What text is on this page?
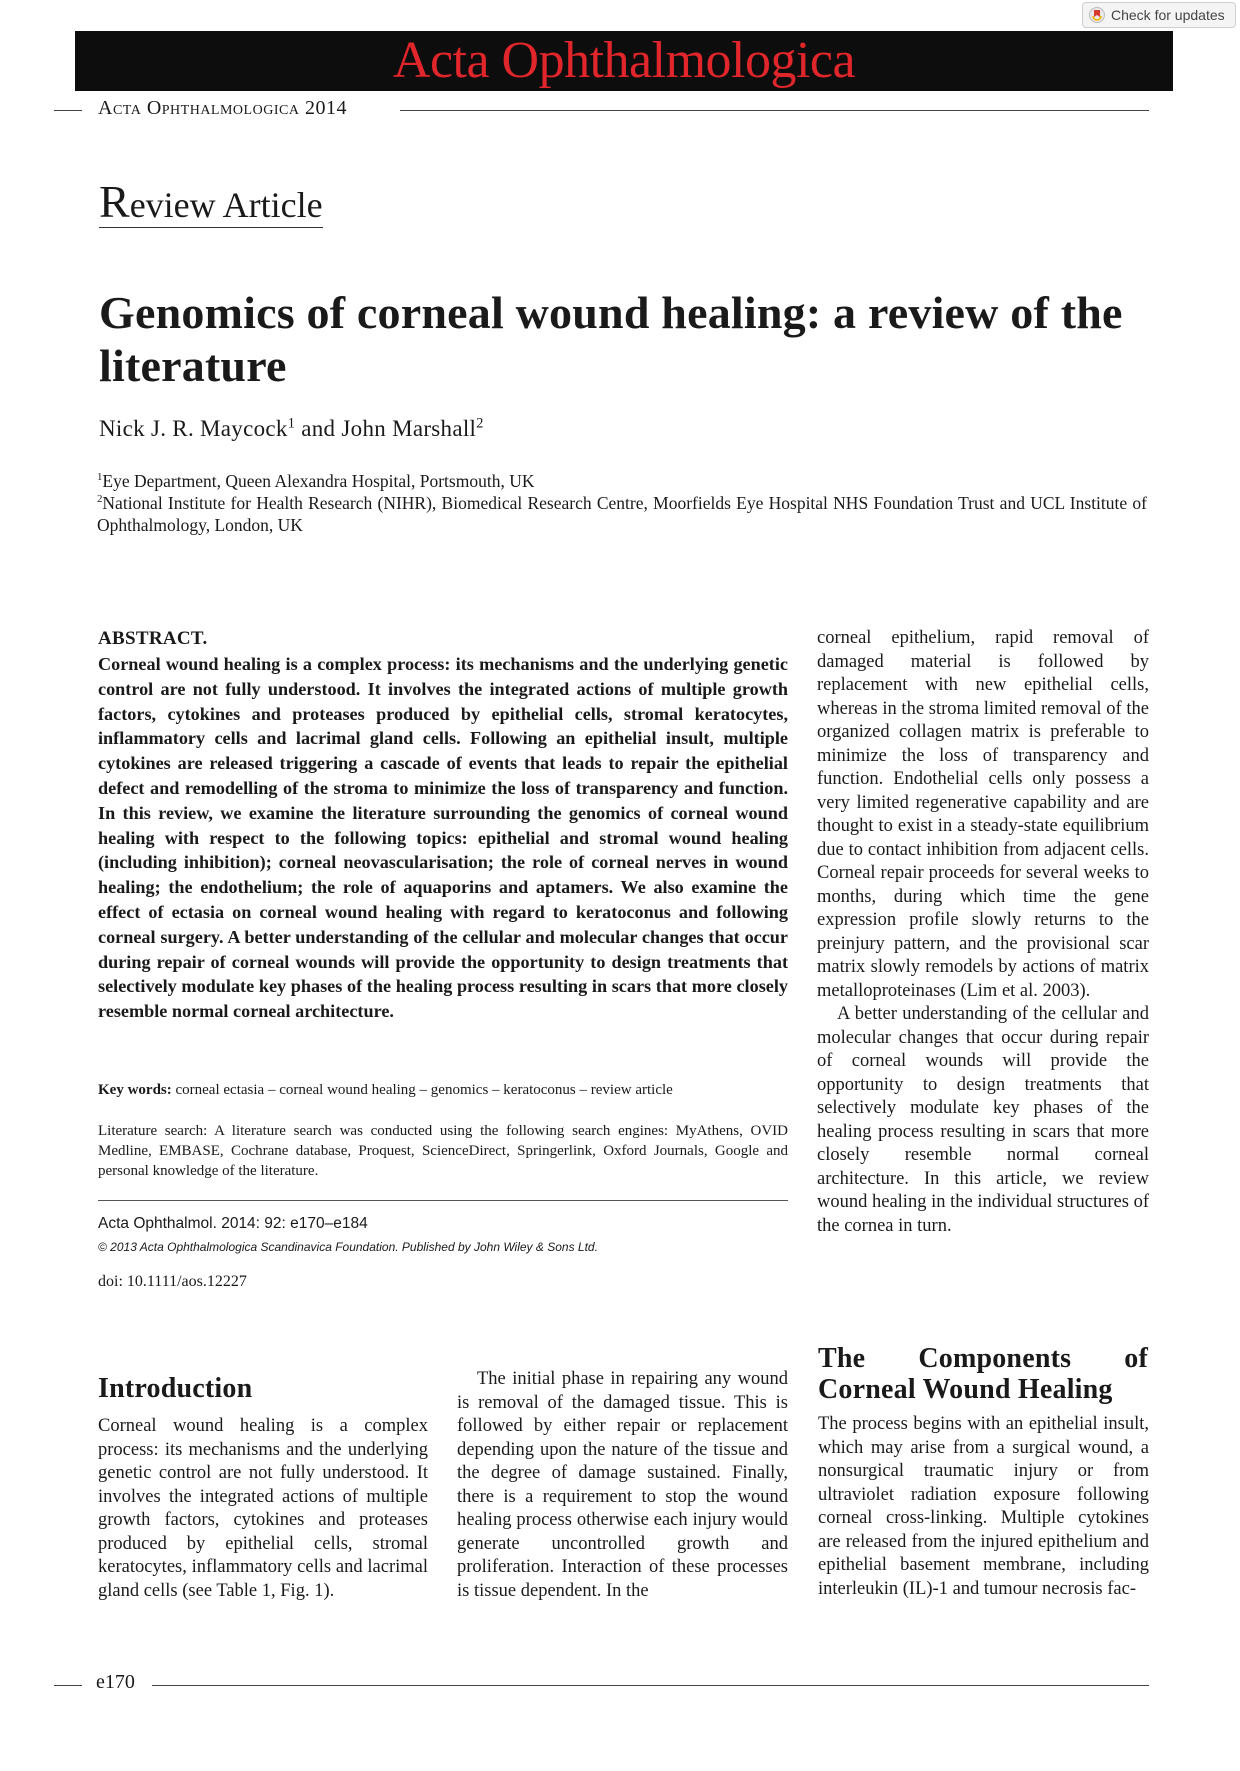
Check for updates
Acta Ophthalmologica
Acta Ophthalmologica 2014
Review Article
Genomics of corneal wound healing: a review of the literature
Nick J. R. Maycock$^1$ and John Marshall$^2$
$^1$Eye Department, Queen Alexandra Hospital, Portsmouth, UK
$^2$National Institute for Health Research (NIHR), Biomedical Research Centre, Moorfields Eye Hospital NHS Foundation Trust and UCL Institute of Ophthalmology, London, UK
ABSTRACT.
Corneal wound healing is a complex process: its mechanisms and the underlying genetic control are not fully understood. It involves the integrated actions of multiple growth factors, cytokines and proteases produced by epithelial cells, stromal keratocytes, inflammatory cells and lacrimal gland cells. Following an epithelial insult, multiple cytokines are released triggering a cascade of events that leads to repair the epithelial defect and remodelling of the stroma to minimize the loss of transparency and function. In this review, we examine the literature surrounding the genomics of corneal wound healing with respect to the following topics: epithelial and stromal wound healing (including inhibition); corneal neovascularisation; the role of corneal nerves in wound healing; the endothelium; the role of aquaporins and aptamers. We also examine the effect of ectasia on corneal wound healing with regard to keratoconus and following corneal surgery. A better understanding of the cellular and molecular changes that occur during repair of corneal wounds will provide the opportunity to design treatments that selectively modulate key phases of the healing process resulting in scars that more closely resemble normal corneal architecture.
Key words: corneal ectasia – corneal wound healing – genomics – keratoconus – review article
Literature search: A literature search was conducted using the following search engines: MyAthens, OVID Medline, EMBASE, Cochrane database, Proquest, ScienceDirect, Springerlink, Oxford Journals, Google and personal knowledge of the literature.
Acta Ophthalmol. 2014: 92: e170–e184
© 2013 Acta Ophthalmologica Scandinavica Foundation. Published by John Wiley & Sons Ltd.
doi: 10.1111/aos.12227

corneal epithelium, rapid removal of damaged material is followed by replacement with new epithelial cells, whereas in the stroma limited removal of the organized collagen matrix is preferable to minimize the loss of transparency and function. Endothelial cells only possess a very limited regenerative capability and are thought to exist in a steady-state equilibrium due to contact inhibition from adjacent cells. Corneal repair proceeds for several weeks to months, during which time the gene expression profile slowly returns to the preinjury pattern, and the provisional scar matrix slowly remodels by actions of matrix metalloproteinases (Lim et al. 2003).

A better understanding of the cellular and molecular changes that occur during repair of corneal wounds will provide the opportunity to design treatments that selectively modulate key phases of the healing process resulting in scars that more closely resemble normal corneal architecture. In this article, we review wound healing in the individual structures of the cornea in turn.

Introduction
Corneal wound healing is a complex process: its mechanisms and the underlying genetic control are not fully understood. It involves the integrated actions of multiple growth factors, cytokines and proteases produced by epithelial cells, stromal keratocytes, inflammatory cells and lacrimal gland cells (see Table 1, Fig. 1).
The initial phase in repairing any wound is removal of the damaged tissue. This is followed by either repair or replacement depending upon the nature of the tissue and the degree of damage sustained. Finally, there is a requirement to stop the wound healing process otherwise each injury would generate uncontrolled growth and proliferation. Interaction of these processes is tissue dependent. In the
The Components of
Corneal Wound Healing
The process begins with an epithelial insult, which may arise from a surgical wound, a nonsurgical traumatic injury or from ultraviolet radiation exposure following corneal cross-linking. Multiple cytokines are released from the injured epithelium and epithelial basement membrane, including interleukin (IL)-1 and tumour necrosis fac-
e170
